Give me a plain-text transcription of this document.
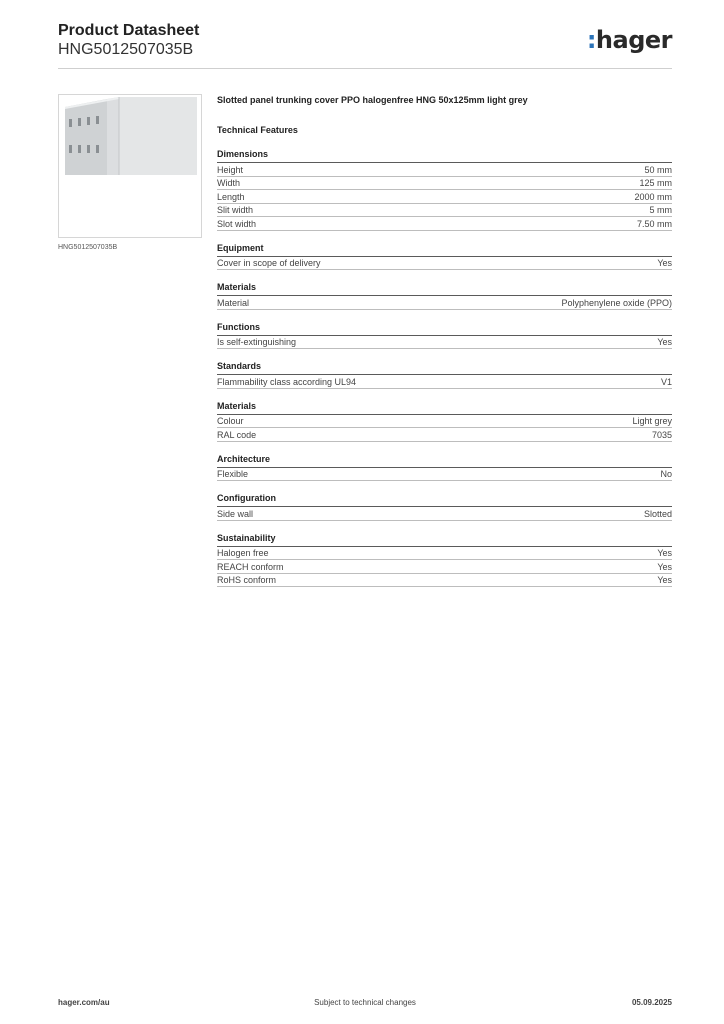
Product Datasheet
HNG5012507035B	:hager
HNG5012507035B
Slotted panel trunking cover PPO halogenfree HNG 50x125mm light grey
Technical Features
Dimensions
Height	50 mm
Width	125 mm
Length	2000 mm
Slit width	5 mm
Slot width	7.50 mm
Equipment
Cover in scope of delivery	Yes
Materials
Material	Polyphenylene oxide (PPO)
Functions
Is self-extinguishing	Yes
Standards
Flammability class according UL94	V1
Materials
Colour	Light grey
RAL code	7035
Architecture
Flexible	No
Configuration
Side wall	Slotted
Sustainability
Halogen free	Yes
REACH conform	Yes
RoHS conform	Yes
hager.com/au	Subject to technical changes	05.09.2025
